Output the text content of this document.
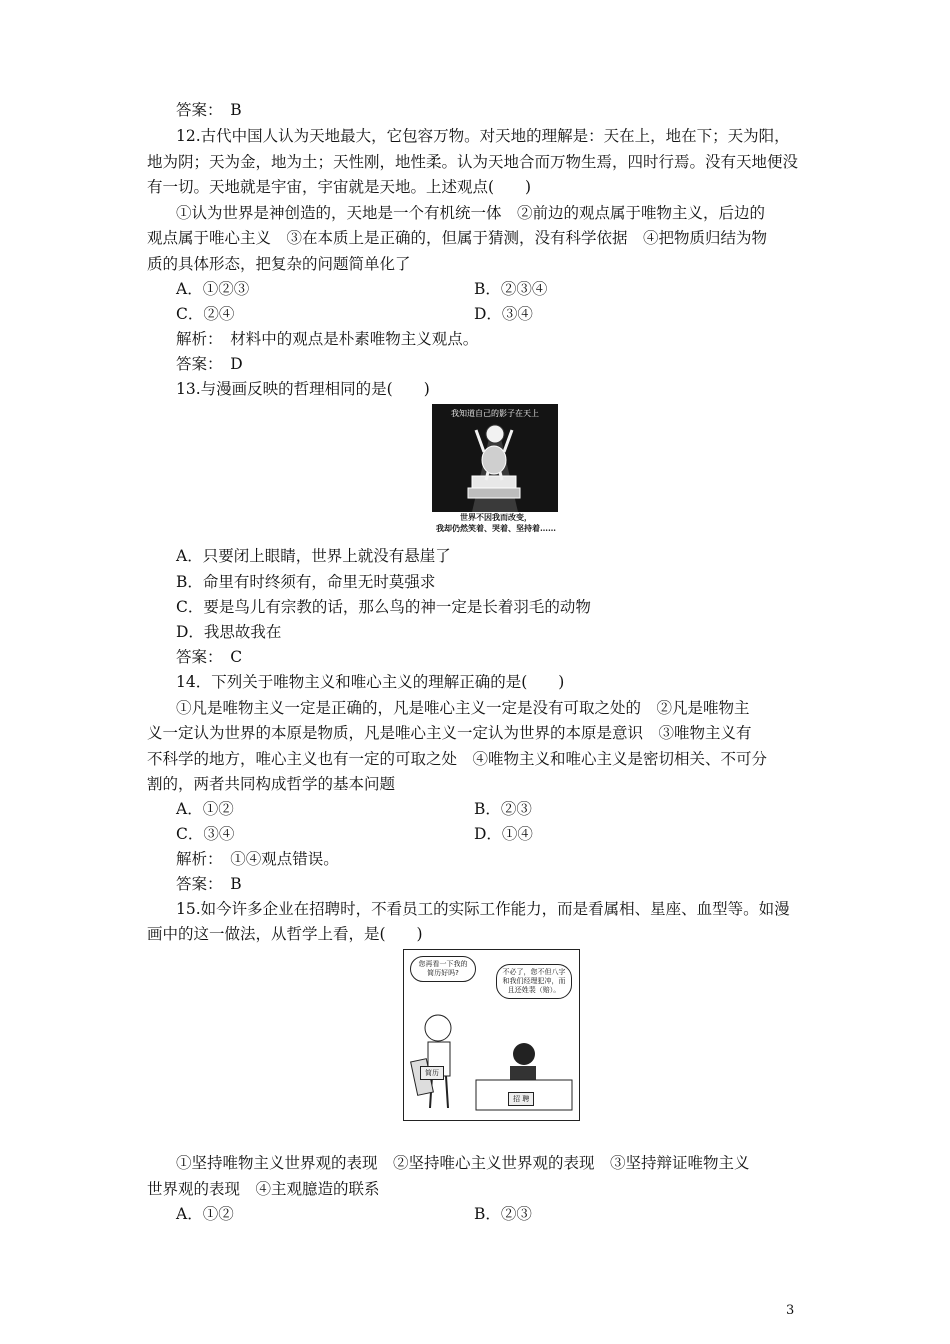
答案：　B
12.古代中国人认为天地最大，它包容万物。对天地的理解是：天在上，地在下；天为阳，
地为阴；天为金，地为土；天性刚，地性柔。认为天地合而万物生焉，四时行焉。没有天地便没
有一切。天地就是宇宙，宇宙就是天地。上述观点(　　)
①认为世界是神创造的，天地是一个有机统一体　②前边的观点属于唯物主义，后边的
观点属于唯心主义　③在本质上是正确的，但属于猜测，没有科学依据　④把物质归结为物
质的具体形态，把复杂的问题简单化了
A．①②③	B．②③④
C．②④	D．③④
解析：　材料中的观点是朴素唯物主义观点。
答案：　D
13.与漫画反映的哲理相同的是(　　)
我知道自己的影子在天上
世界不因我而改变，
我却仍然笑着、哭着、坚持着……
A．只要闭上眼睛，世界上就没有悬崖了
B．命里有时终须有，命里无时莫强求
C．要是鸟儿有宗教的话，那么鸟的神一定是长着羽毛的动物
D．我思故我在
答案：　C
14．下列关于唯物主义和唯心主义的理解正确的是(　　)
①凡是唯物主义一定是正确的，凡是唯心主义一定是没有可取之处的　②凡是唯物主
义一定认为世界的本原是物质，凡是唯心主义一定认为世界的本原是意识　③唯物主义有
不科学的地方，唯心主义也有一定的可取之处　④唯物主义和唯心主义是密切相关、不可分
割的，两者共同构成哲学的基本问题
A．①②	B．②③
C．③④	D．①④
解析：　①④观点错误。
答案：　B
15.如今许多企业在招聘时，不看员工的实际工作能力，而是看属相、星座、血型等。如漫
画中的这一做法，从哲学上看，是(　　)
您再看一下我的简历好吗?	不必了，您不但八字和我们经理犯冲，而且还姓裴（赔）。
简历
招 聘
①坚持唯物主义世界观的表现　②坚持唯心主义世界观的表现　③坚持辩证唯物主义
世界观的表现　④主观臆造的联系
A．①②	B．②③
3
